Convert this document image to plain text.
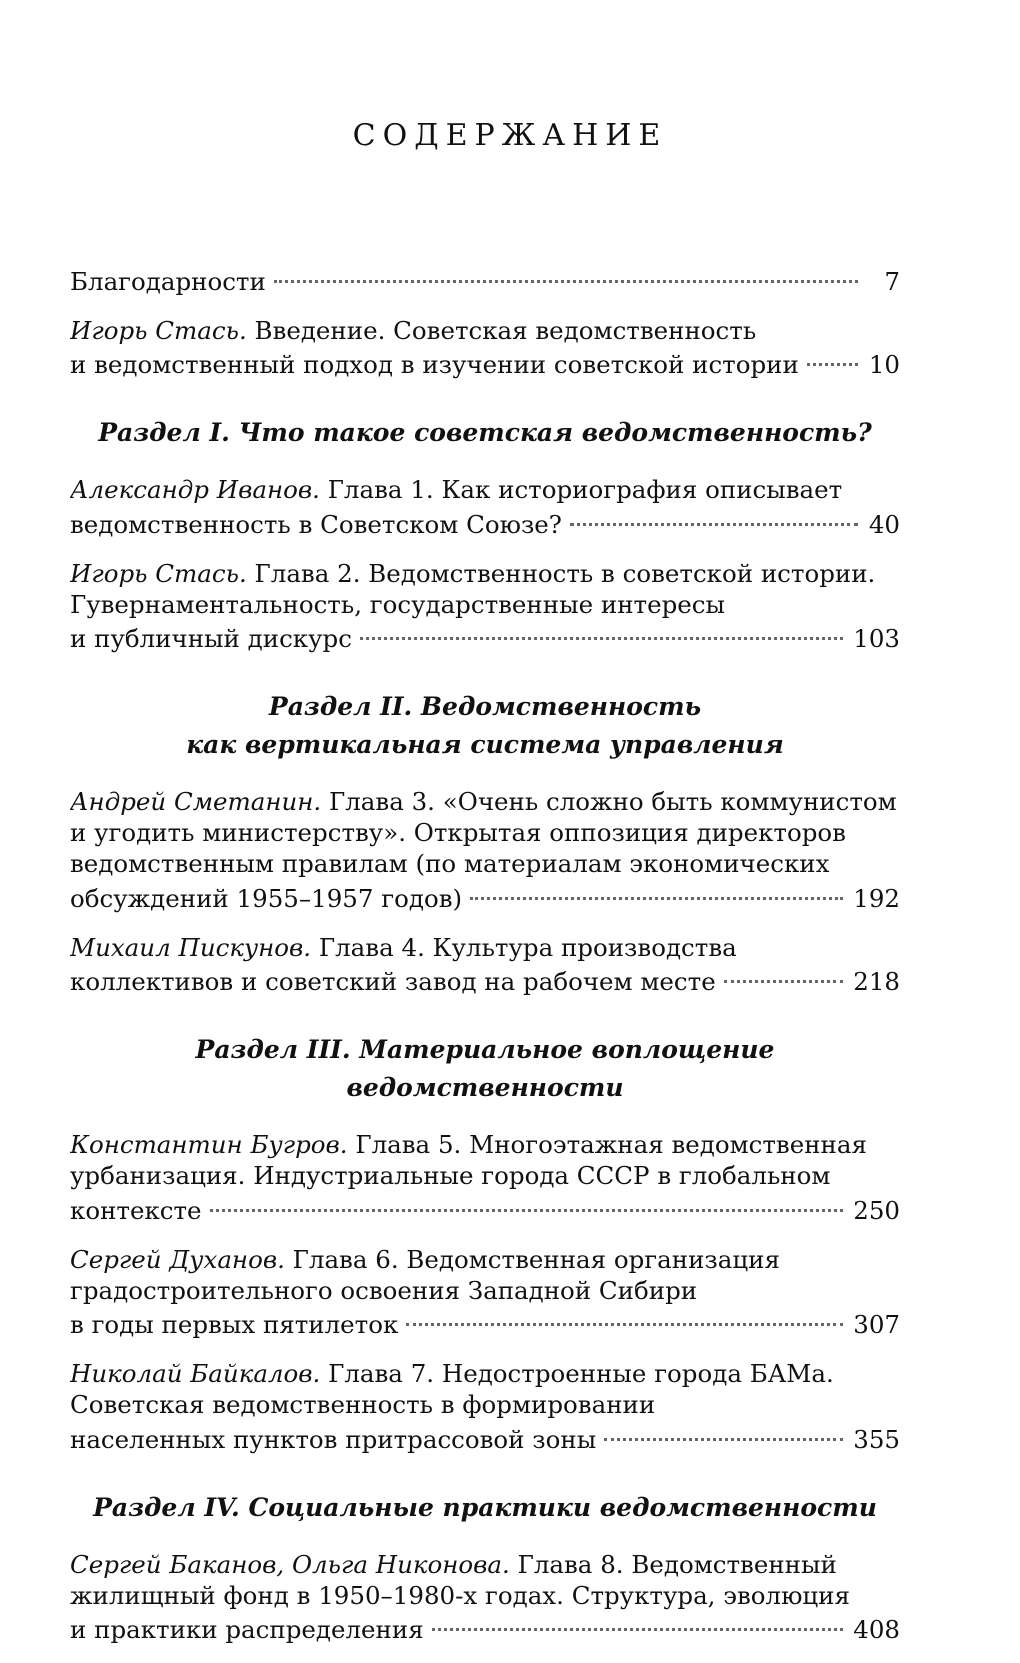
СОДЕРЖАНИЕ
Благодарности	7
Игорь Стась. Введение. Советская ведомственность
и ведомственный подход в изучении советской истории	10
Раздел I. Что такое советская ведомственность?
Александр Иванов. Глава 1. Как историография описывает
ведомственность в Советском Союзе?	40
Игорь Стась. Глава 2. Ведомственность в советской истории.
Гувернаментальность, государственные интересы
и публичный дискурс	103
Раздел II. Ведомственность
как вертикальная система управления
Андрей Сметанин. Глава 3. «Очень сложно быть коммунистом
и угодить министерству». Открытая оппозиция директоров
ведомственным правилам (по материалам экономических
обсуждений 1955–1957 годов)	192
Михаил Пискунов. Глава 4. Культура производства
коллективов и советский завод на рабочем месте	218
Раздел III. Материальное воплощение ведомственности
Константин Бугров. Глава 5. Многоэтажная ведомственная
урбанизация. Индустриальные города СССР в глобальном
контексте	250
Сергей Духанов. Глава 6. Ведомственная организация
градостроительного освоения Западной Сибири
в годы первых пятилеток	307
Николай Байкалов. Глава 7. Недостроенные города БАМа.
Советская ведомственность в формировании
населенных пунктов притрассовой зоны	355
Раздел IV. Социальные практики ведомственности
Сергей Баканов, Ольга Никонова. Глава 8. Ведомственный
жилищный фонд в 1950–1980-х годах. Структура, эволюция
и практики распределения	408
